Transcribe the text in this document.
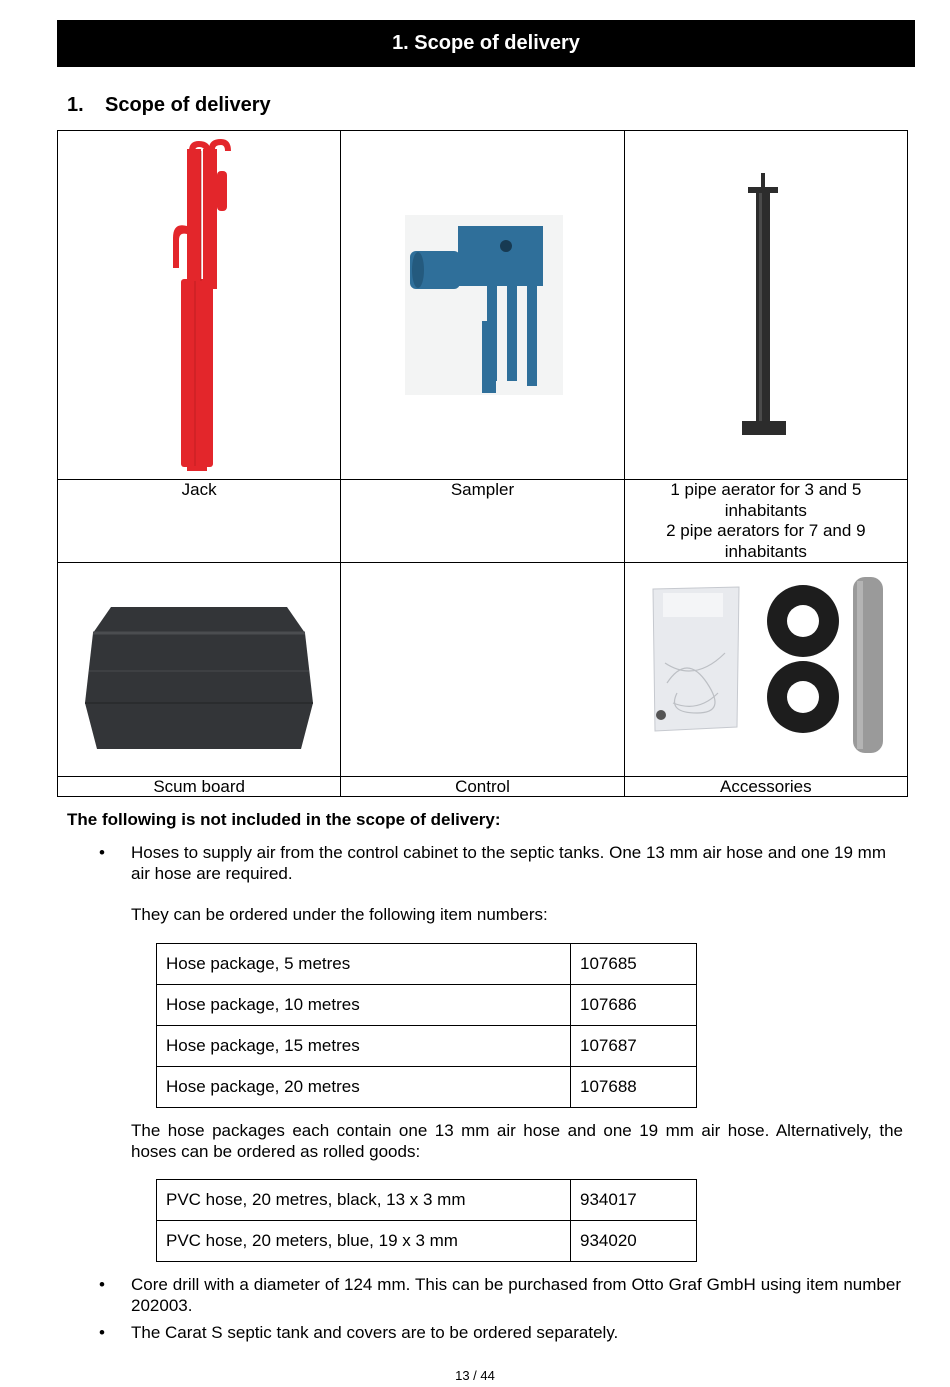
1. Scope of delivery
1. Scope of delivery

Jack	Sampler	1 pipe aerator for 3 and 5
inhabitants
2 pipe aerators for 7 and 9
inhabitants

Scum board	Control	Accessories
The following is not included in the scope of delivery:
• Hoses to supply air from the control cabinet to the septic tanks. One 13 mm air hose and one 19 mm air hose are required.
They can be ordered under the following item numbers:
Hose package, 5 metres	107685
Hose package, 10 metres	107686
Hose package, 15 metres	107687
Hose package, 20 metres	107688
The hose packages each contain one 13 mm air hose and one 19 mm air hose. Alternatively, the hoses can be ordered as rolled goods:
PVC hose, 20 metres, black, 13 x 3 mm	934017
PVC hose, 20 meters, blue, 19 x 3 mm	934020
• Core drill with a diameter of 124 mm. This can be purchased from Otto Graf GmbH using item number 202003.
• The Carat S septic tank and covers are to be ordered separately.
13 / 44
